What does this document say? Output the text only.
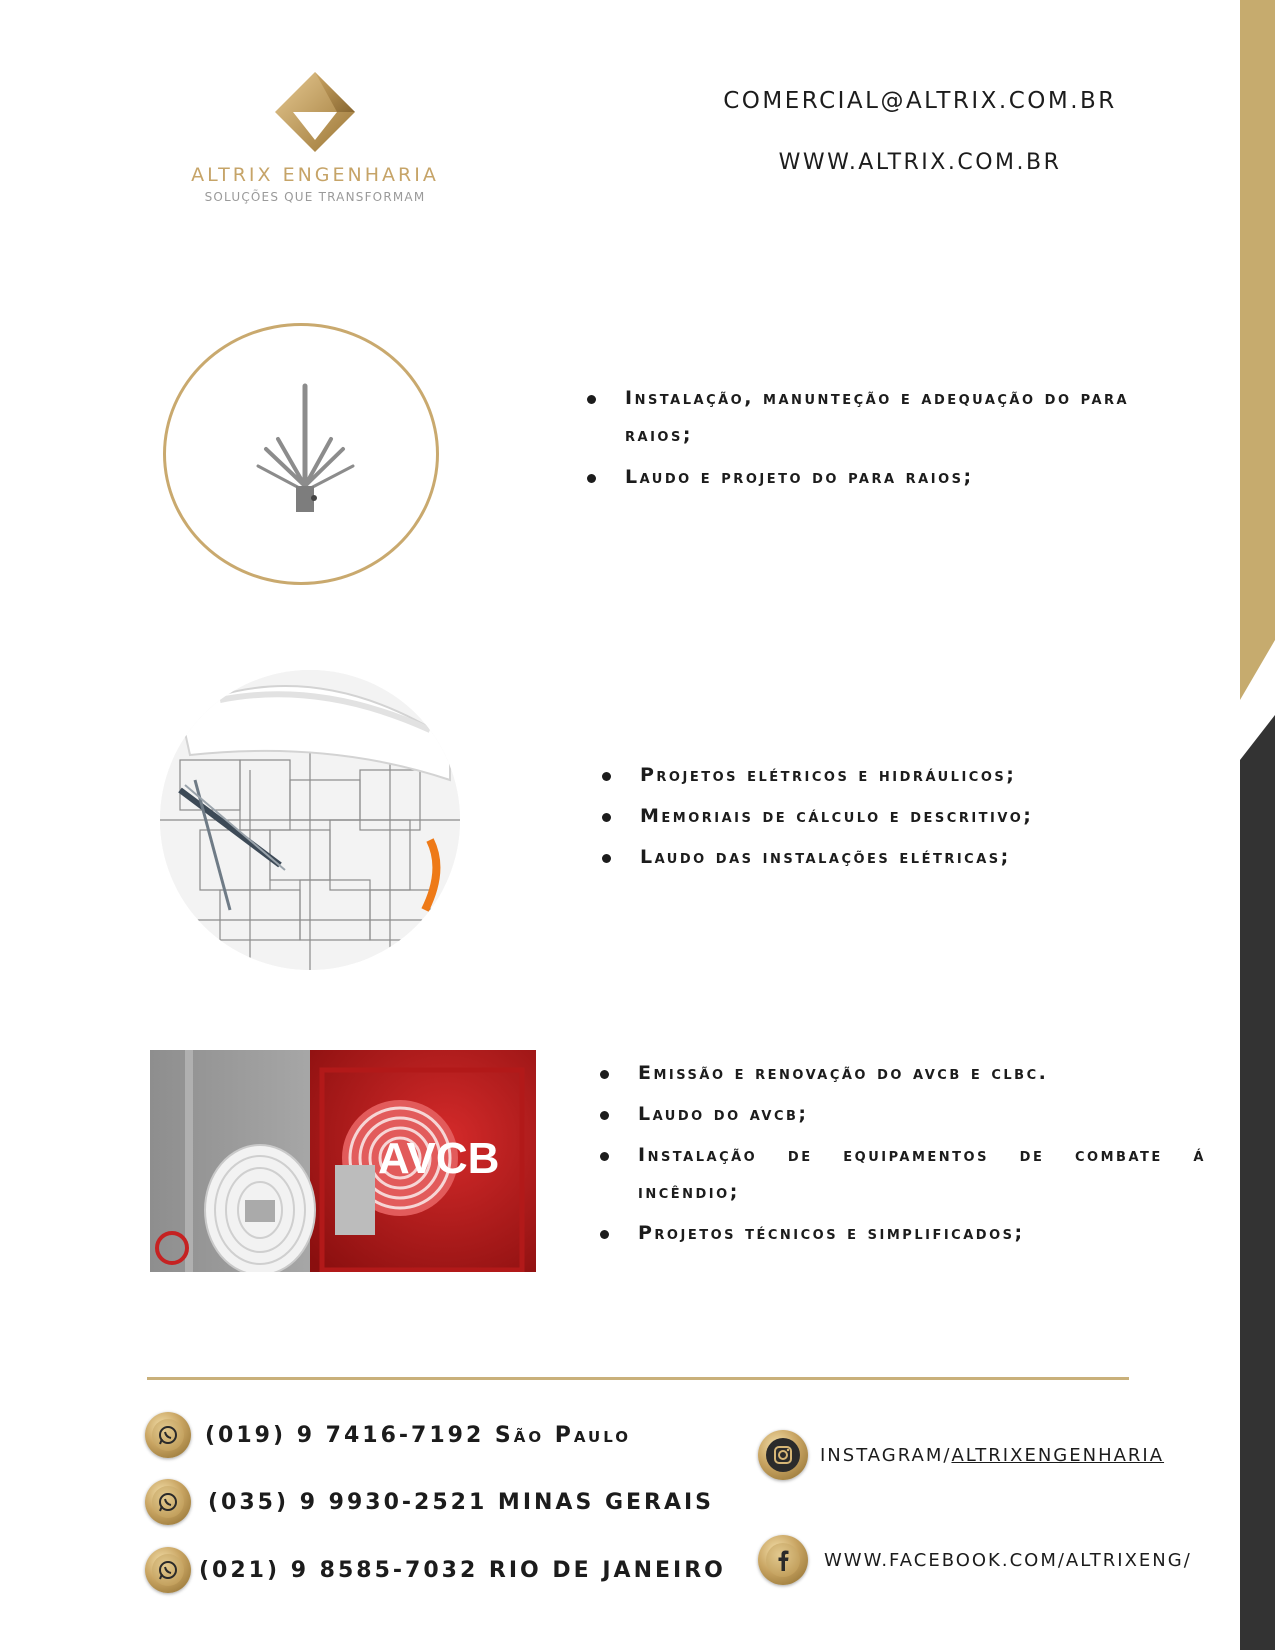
ALTRIX ENGENHARIA
SOLUÇÕES QUE TRANSFORMAM
COMERCIAL@ALTRIX.COM.BR
WWW.ALTRIX.COM.BR
Instalação, manunteção e adequação do para raios;
Laudo e projeto do para raios;
Projetos elétricos e hidráulicos;
Memoriais de cálculo e descritivo;
Laudo das instalações elétricas;
AVCB
Emissão e renovação do avcb e clbc.
Laudo do avcb;
Instalação de equipamentos de combate á incêndio;
Projetos técnicos e simplificados;
(019) 9 7416-7192 São Paulo
(035) 9 9930-2521 MINAS GERAIS
(021) 9 8585-7032 RIO DE JANEIRO
INSTAGRAM/ALTRIXENGENHARIA
WWW.FACEBOOK.COM/ALTRIXENG/
